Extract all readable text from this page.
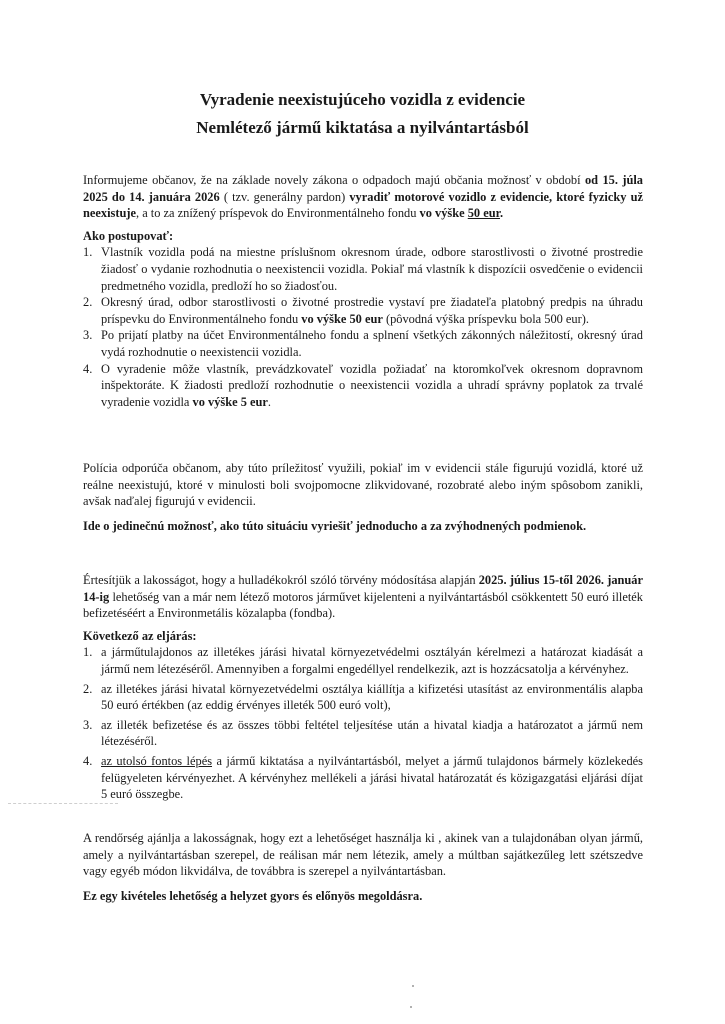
Vyradenie neexistujúceho vozidla z evidencie
Nemlétező jármű kiktatása a nyilvántartásból

Informujeme občanov, že na základe novely zákona o odpadoch majú občania možnosť v období od 15. júla 2025 do 14. januára 2026 ( tzv. generálny pardon) vyradiť motorové vozidlo z evidencie, ktoré fyzicky už neexistuje, a to za znížený príspevok do Environmentálneho fondu vo výške 50 eur.

Ako postupovať:

1. Vlastník vozidla podá na miestne príslušnom okresnom úrade, odbore starostlivosti o životné prostredie žiadosť o vydanie rozhodnutia o neexistencii vozidla. Pokiaľ má vlastník k dispozícii osvedčenie o evidencii predmetného vozidla, predloží ho so žiadosťou.
2. Okresný úrad, odbor starostlivosti o životné prostredie vystaví pre žiadateľa platobný predpis na úhradu príspevku do Environmentálneho fondu vo výške 50 eur (pôvodná výška príspevku bola 500 eur).
3. Po prijatí platby na účet Environmentálneho fondu a splnení všetkých zákonných náležitostí, okresný úrad vydá rozhodnutie o neexistencii vozidla.
4. O vyradenie môže vlastník, prevádzkovateľ vozidla požiadať na ktoromkoľvek okresnom dopravnom inšpektoráte. K žiadosti predloží rozhodnutie o neexistencii vozidla a uhradí správny poplatok za trvalé vyradenie vozidla vo výške 5 eur.

Polícia odporúča občanom, aby túto príležitosť využili, pokiaľ im v evidencii stále figurujú vozidlá, ktoré už reálne neexistujú, ktoré v minulosti boli svojpomocne zlikvidované, rozobraté alebo iným spôsobom zanikli, avšak naďalej figurujú v evidencii.

Ide o jedinečnú možnosť, ako túto situáciu vyriešiť jednoducho a za zvýhodnených podmienok.

Értesítjük a lakosságot, hogy a hulladékokról szóló törvény módosítása alapján 2025. július 15-től 2026. január 14-ig lehetőség van a már nem létező motoros járművet kijelenteni a nyilvántartásból csökkentett 50 euró illeték befizetéséért a Environmetális közalapba (fondba).

Következő az eljárás:

1. a járműtulajdonos az illetékes járási hivatal környezetvédelmi osztályán kérelmezi a határozat kiadását a jármű nem létezéséről. Amennyiben a forgalmi engedéllyel rendelkezik, azt is hozzácsatolja a kérvényhez.
2. az illetékes járási hivatal környezetvédelmi osztálya kiállítja a kifizetési utasítást az environmentális alapba 50 euró értékben (az eddig érvényes illeték 500 euró volt),
3. az illeték befizetése és az összes többi feltétel teljesítése után a hivatal kiadja a határozatot a jármű nem létezéséről.
4. az utolsó fontos lépés a jármű kiktatása a nyilvántartásból, melyet a jármű tulajdonos bármely közlekedés felügyeleten kérvényezhet. A kérvényhez mellékeli a járási hivatal határozatát és közigazgatási eljárási díjat 5 euró összegbe.

A rendőrség ajánlja a lakosságnak, hogy ezt a lehetőséget használja ki , akinek van a tulajdonában olyan jármű, amely a nyilvántartásban szerepel, de reálisan már nem létezik, amely a múltban sajátkezűleg lett szétszedve vagy egyéb módon likvidálva, de továbbra is szerepel a nyilvántartásban.

Ez egy kivételes lehetőség a helyzet gyors és előnyös megoldásra.
